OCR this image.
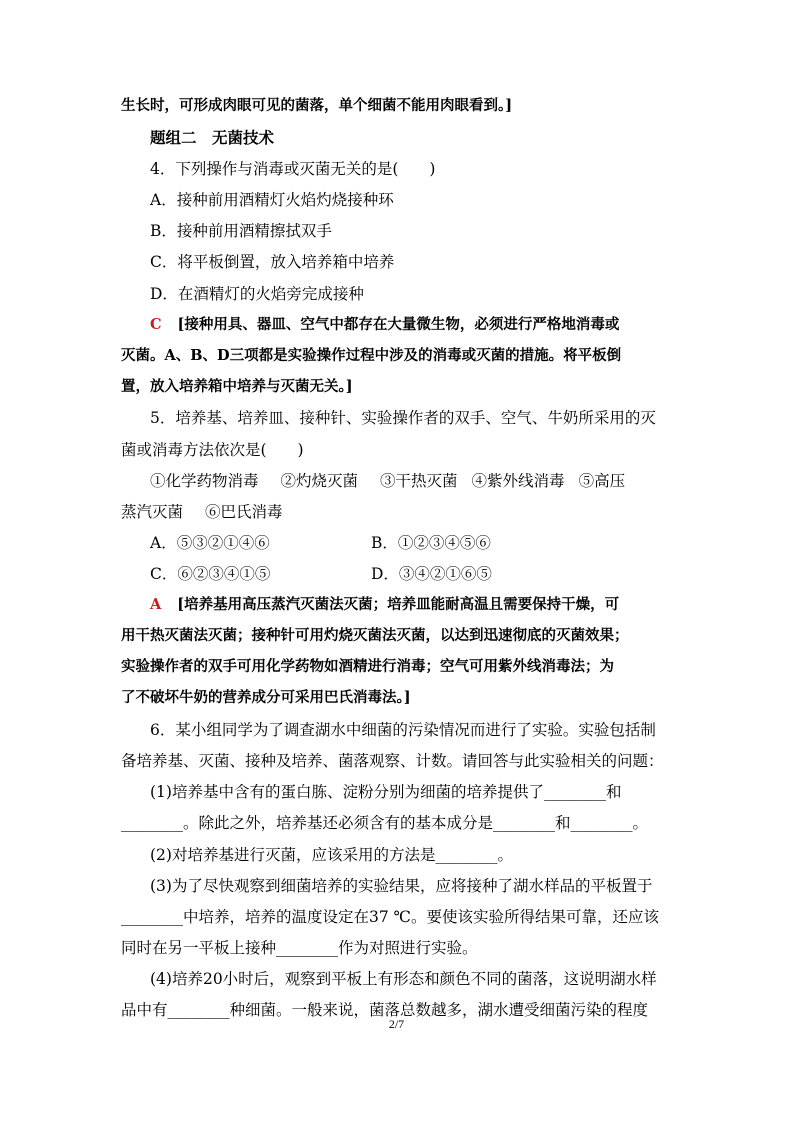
生长时，可形成肉眼可见的菌落，单个细菌不能用肉眼看到。]
题组二　无菌技术
4．下列操作与消毒或灭菌无关的是(　　)
A．接种前用酒精灯火焰灼烧接种环
B．接种前用酒精擦拭双手
C．将平板倒置，放入培养箱中培养
D．在酒精灯的火焰旁完成接种
C [接种用具、器皿、空气中都存在大量微生物，必须进行严格地消毒或
灭菌。A、B、D三项都是实验操作过程中涉及的消毒或灭菌的措施。将平板倒
置，放入培养箱中培养与灭菌无关。]
5．培养基、培养皿、接种针、实验操作者的双手、空气、牛奶所采用的灭
菌或消毒方法依次是(　　)
①化学药物消毒 ②灼烧灭菌 ③干热灭菌 ④紫外线消毒 ⑤高压
蒸汽灭菌 ⑥巴氏消毒
A．⑤③②①④⑥	B．①②③④⑤⑥
C．⑥②③④①⑤	D．③④②①⑥⑤
A [培养基用高压蒸汽灭菌法灭菌；培养皿能耐高温且需要保持干燥，可
用干热灭菌法灭菌；接种针可用灼烧灭菌法灭菌，以达到迅速彻底的灭菌效果；
实验操作者的双手可用化学药物如酒精进行消毒；空气可用紫外线消毒法；为
了不破坏牛奶的营养成分可采用巴氏消毒法。]
6．某小组同学为了调查湖水中细菌的污染情况而进行了实验。实验包括制
备培养基、灭菌、接种及培养、菌落观察、计数。请回答与此实验相关的问题：
(1)培养基中含有的蛋白胨、淀粉分别为细菌的培养提供了________和
________。除此之外，培养基还必须含有的基本成分是________和________。
(2)对培养基进行灭菌，应该采用的方法是________。
(3)为了尽快观察到细菌培养的实验结果，应将接种了湖水样品的平板置于
________中培养，培养的温度设定在37 ℃。要使该实验所得结果可靠，还应该
同时在另一平板上接种________作为对照进行实验。
(4)培养20小时后，观察到平板上有形态和颜色不同的菌落，这说明湖水样
品中有________种细菌。一般来说，菌落总数越多，湖水遭受细菌污染的程度
2/7
